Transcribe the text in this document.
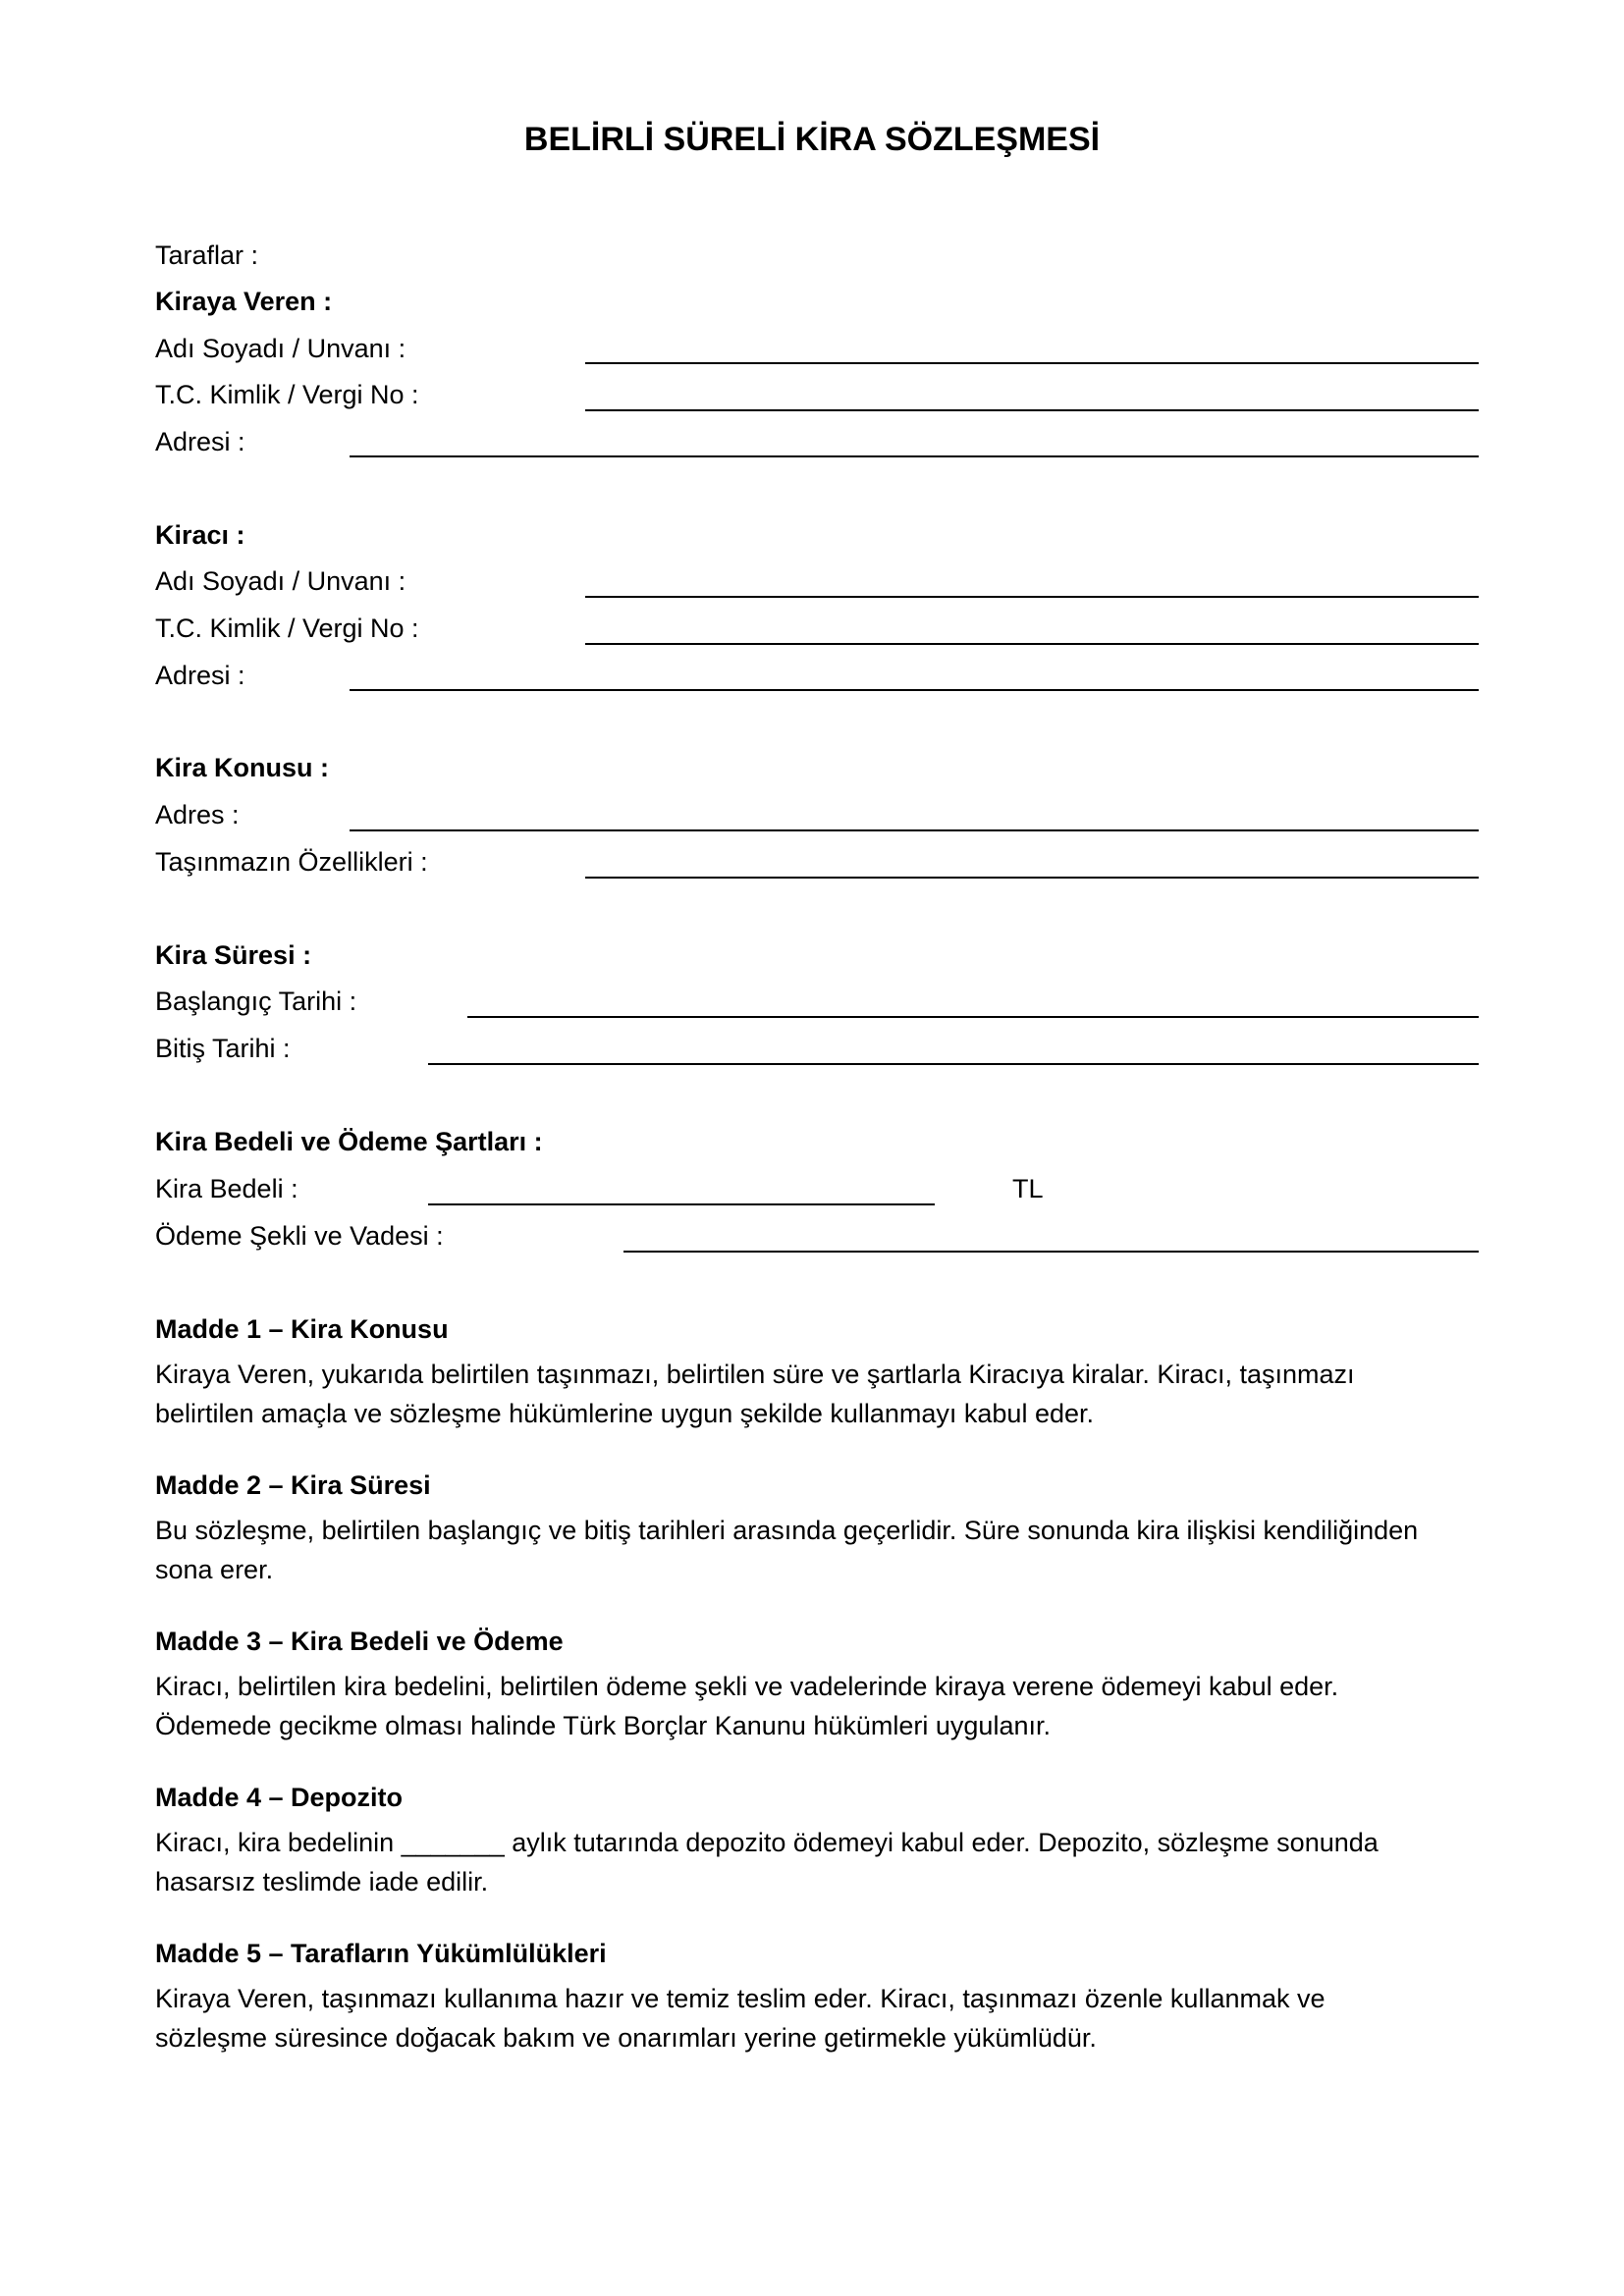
BELİRLİ SÜRELİ KİRA SÖZLEŞMESİ
Taraflar :
Kiraya Veren :
Adı Soyadı / Unvanı :
T.C. Kimlik / Vergi No :
Adresi :
Kiracı :
Adı Soyadı / Unvanı :
T.C. Kimlik / Vergi No :
Adresi :
Kira Konusu :
Adres :
Taşınmazın Özellikleri :
Kira Süresi :
Başlangıç Tarihi :
Bitiş Tarihi :
Kira Bedeli ve Ödeme Şartları :
Kira Bedeli :	TL
Ödeme Şekli ve Vadesi :
Madde 1 – Kira Konusu
Kiraya Veren, yukarıda belirtilen taşınmazı, belirtilen süre ve şartlarla Kiracıya kiralar. Kiracı, taşınmazı
belirtilen amaçla ve sözleşme hükümlerine uygun şekilde kullanmayı kabul eder.
Madde 2 – Kira Süresi
Bu sözleşme, belirtilen başlangıç ve bitiş tarihleri arasında geçerlidir. Süre sonunda kira ilişkisi kendiliğinden
sona erer.
Madde 3 – Kira Bedeli ve Ödeme
Kiracı, belirtilen kira bedelini, belirtilen ödeme şekli ve vadelerinde kiraya verene ödemeyi kabul eder.
Ödemede gecikme olması halinde Türk Borçlar Kanunu hükümleri uygulanır.
Madde 4 – Depozito
Kiracı, kira bedelinin _______ aylık tutarında depozito ödemeyi kabul eder. Depozito, sözleşme sonunda
hasarsız teslimde iade edilir.
Madde 5 – Tarafların Yükümlülükleri
Kiraya Veren, taşınmazı kullanıma hazır ve temiz teslim eder. Kiracı, taşınmazı özenle kullanmak ve
sözleşme süresince doğacak bakım ve onarımları yerine getirmekle yükümlüdür.
